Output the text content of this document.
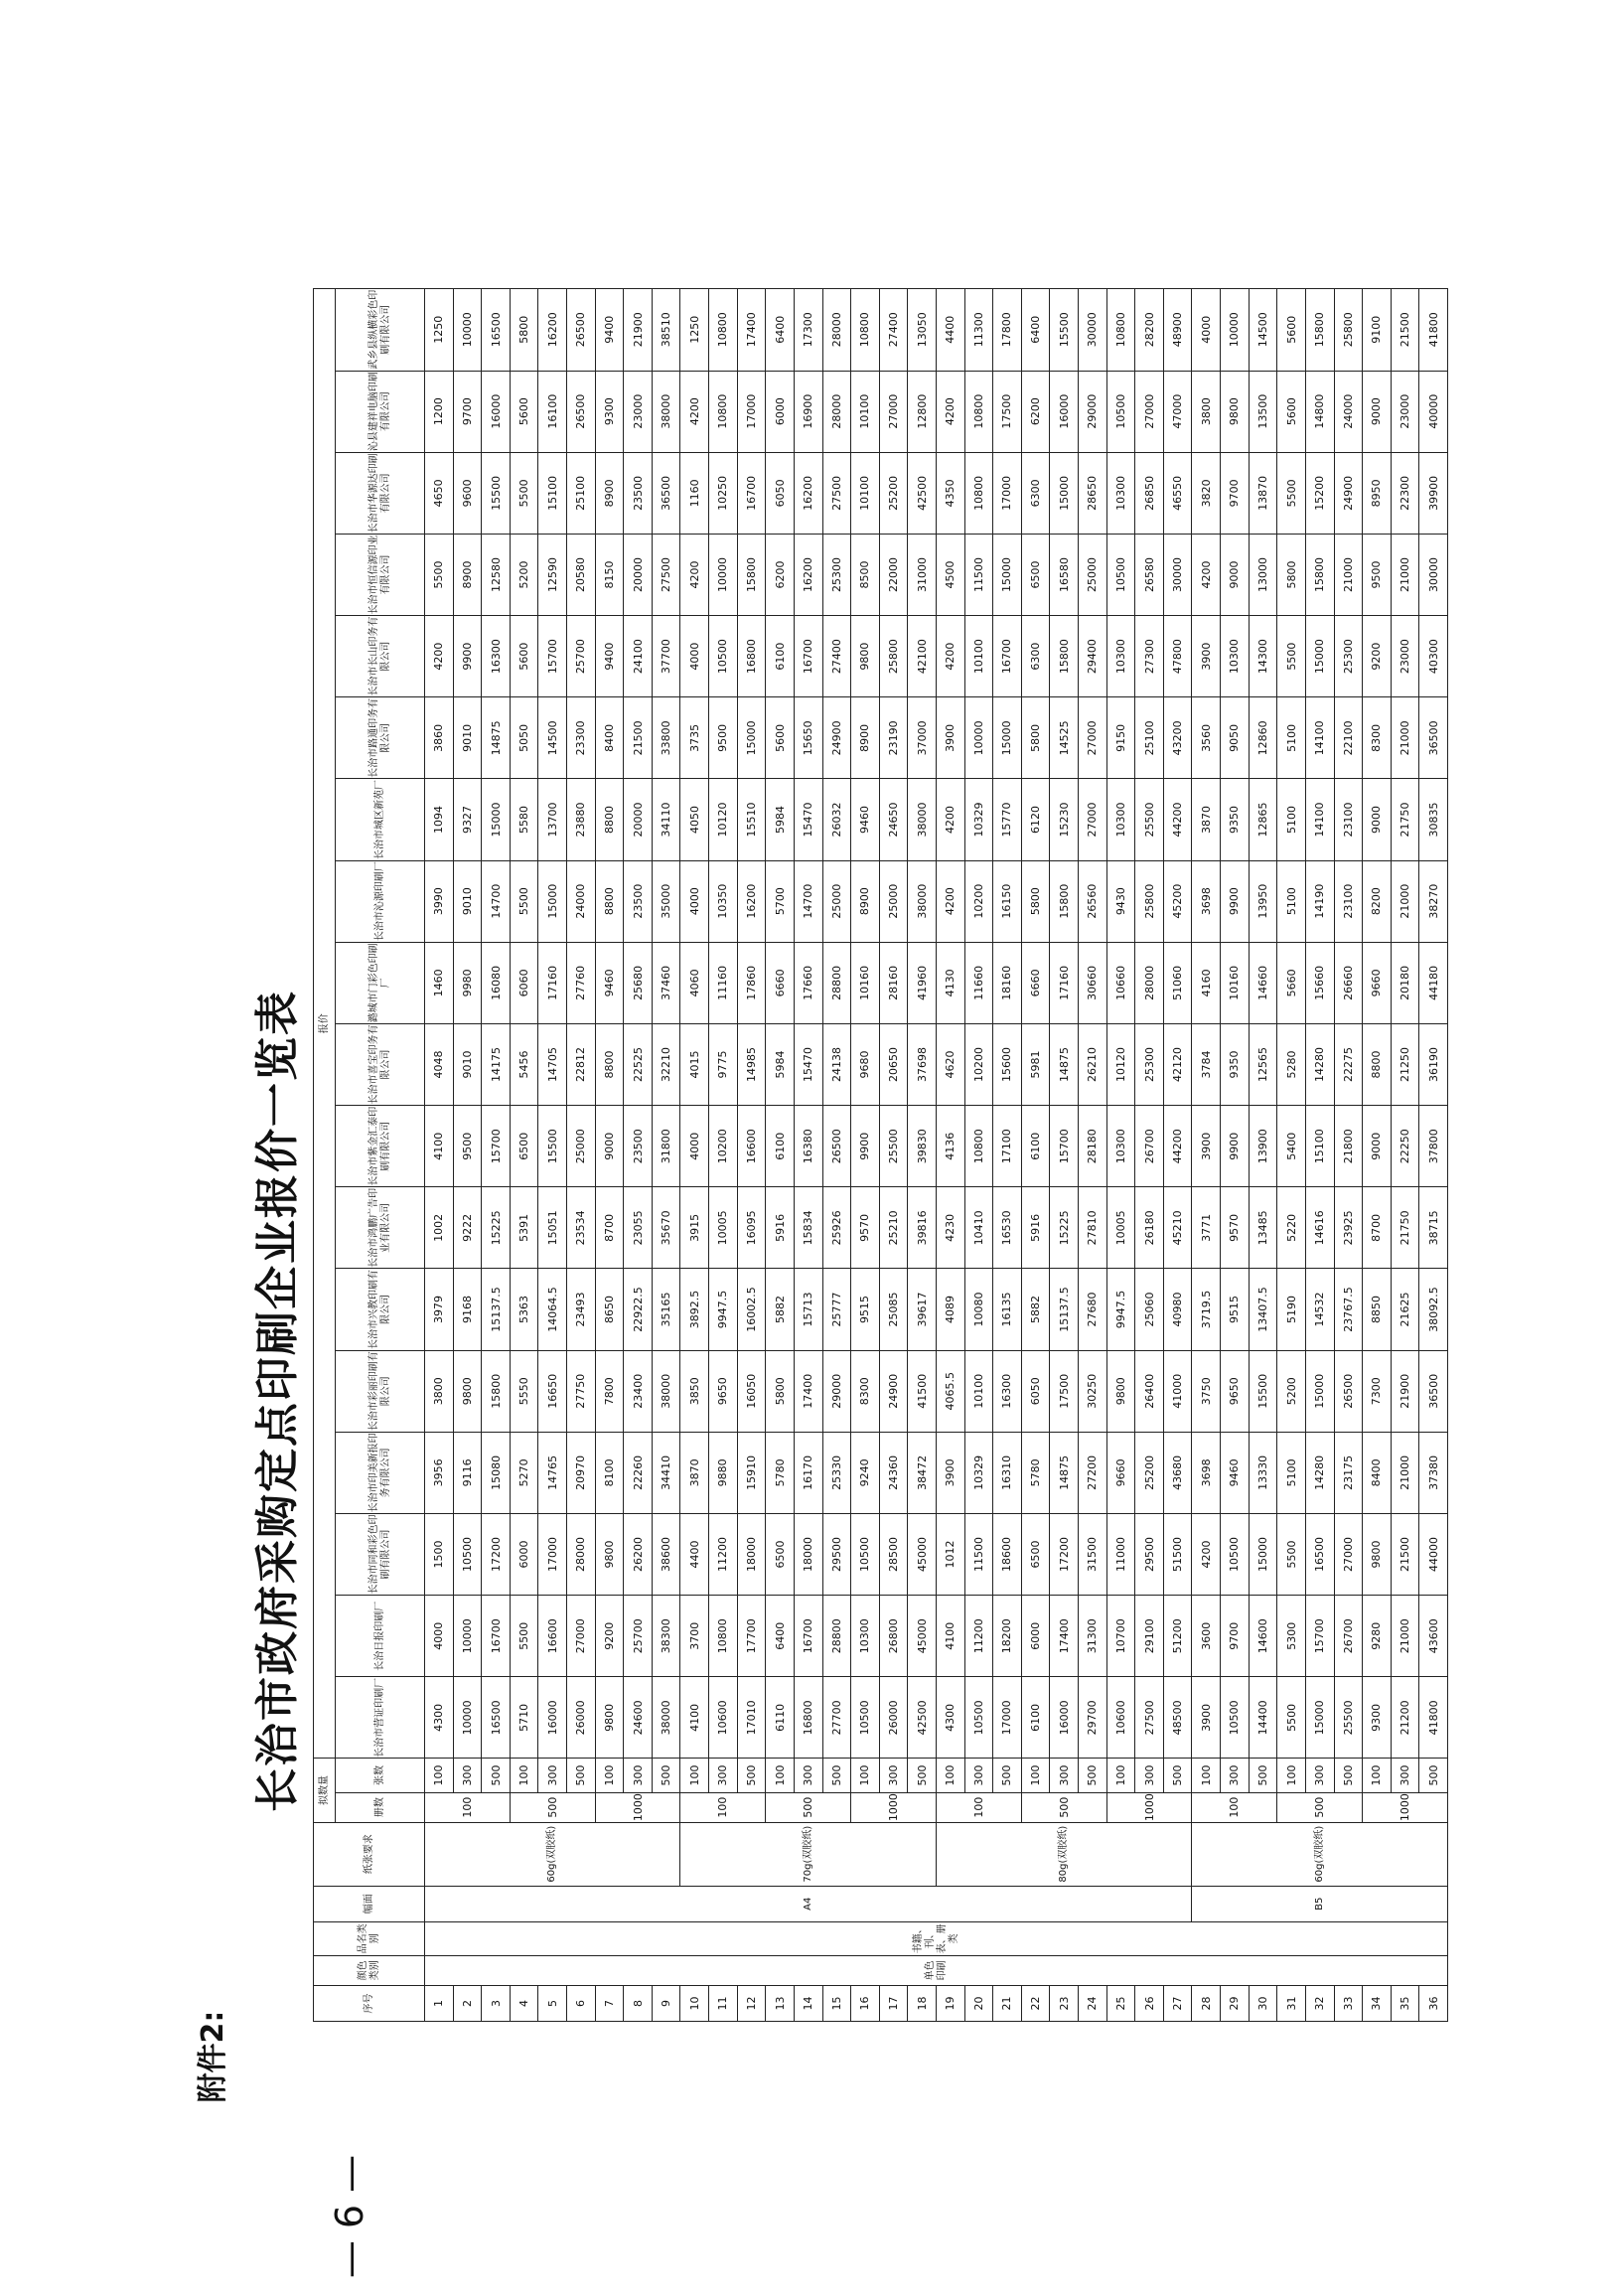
附件2:
长治市政府采购定点印刷企业报价一览表
— 6 —
序号	颜色类别	品名类别	幅面	纸张要求	拟数量		报价																	
					册数	张数	长治市营证印刷厂	长治日报印刷厂	长治市同和彩色印刷有限公司	长治市印美新报印务有限公司	长治市彩丽印刷有限公司	长治市兴教印刷有限公司	长治市鸿鹏广告印业有限公司	长治市紫金汇泰印刷有限公司	长治市喜宝印务有限公司	潞城市门彩色印刷厂	长治市沁源印刷厂	长治市城区新苑厂	长治市路通印务有限公司	长治市长山印务有限公司	长治市恒信源印业有限公司	长治市华源达印刷有限公司	沁县建祥电脑印刷有限公司	武乡县纵横彩色印刷有限公司
1	单色印刷	书籍、刊、表、册类	A4	60g(双胶纸)	100	100	4300	4000	1500	3956	3800	3979	1002	4100	4048	1460	3990	1094	3860	4200	5500	4650	1200	1250
2						300	10000	10000	10500	9116	9800	9168	9222	9500	9010	9980	9010	9327	9010	9900	8900	9600	9700	10000
3						500	16500	16700	17200	15080	15800	15137.5	15225	15700	14175	16080	14700	15000	14875	16300	12580	15500	16000	16500
4					500	100	5710	5500	6000	5270	5550	5363	5391	6500	5456	6060	5500	5580	5050	5600	5200	5500	5600	5800
5						300	16000	16600	17000	14765	16650	14064.5	15051	15500	14705	17160	15000	13700	14500	15700	12590	15100	16100	16200
6						500	26000	27000	28000	20970	27750	23493	23534	25000	22812	27760	24000	23880	23300	25700	20580	25100	26500	26500
7					1000	100	9800	9200	9800	8100	7800	8650	8700	9000	8800	9460	8800	8800	8400	9400	8150	8900	9300	9400
8						300	24600	25700	26200	22260	23400	22922.5	23055	23500	22525	25680	23500	20000	21500	24100	20000	23500	23000	21900
9						500	38000	38300	38600	34410	38000	35165	35670	31800	32210	37460	35000	34110	33800	37700	27500	36500	38000	38510
10				70g(双胶纸)	100	100	4100	3700	4400	3870	3850	3892.5	3915	4000	4015	4060	4000	4050	3735	4000	4200	1160	4200	1250
11						300	10600	10800	11200	9880	9650	9947.5	10005	10200	9775	11160	10350	10120	9500	10500	10000	10250	10800	10800
12						500	17010	17700	18000	15910	16050	16002.5	16095	16600	14985	17860	16200	15510	15000	16800	15800	16700	17000	17400
13					500	100	6110	6400	6500	5780	5800	5882	5916	6100	5984	6660	5700	5984	5600	6100	6200	6050	6000	6400
14						300	16800	16700	18000	16170	17400	15713	15834	16380	15470	17660	14700	15470	15650	16700	16200	16200	16900	17300
15						500	27700	28800	29500	25330	29000	25777	25926	26500	24138	28800	25000	26032	24900	27400	25300	27500	28000	28000
16					1000	100	10500	10300	10500	9240	8300	9515	9570	9900	9680	10160	8900	9460	8900	9800	8500	10100	10100	10800
17						300	26000	26800	28500	24360	24900	25085	25210	25500	20650	28160	25000	24650	23190	25800	22000	25200	27000	27400
18						500	42500	45000	45000	38472	41500	39617	39816	39830	37698	41960	38000	38000	37000	42100	31000	42500	12800	13050
19				80g(双胶纸)	100	100	4300	4100	1012	3900	4065.5	4089	4230	4136	4620	4130	4200	4200	3900	4200	4500	4350	4200	4400
20						300	10500	11200	11500	10329	10100	10080	10410	10800	10200	11660	10200	10329	10000	10100	11500	10800	10800	11300
21						500	17000	18200	18600	16310	16300	16135	16530	17100	15600	18160	16150	15770	15000	16700	15000	17000	17500	17800
22					500	100	6100	6000	6500	5780	6050	5882	5916	6100	5981	6660	5800	6120	5800	6300	6500	6300	6200	6400
23						300	16000	17400	17200	14875	17500	15137.5	15225	15700	14875	17160	15800	15230	14525	15800	16580	15000	16000	15500
24						500	29700	31300	31500	27200	30250	27680	27810	28180	26210	30660	26560	27000	27000	29400	25000	28650	29000	30000
25					1000	100	10600	10700	11000	9660	9800	9947.5	10005	10300	10120	10660	9430	10300	9150	10300	10500	10300	10500	10800
26						300	27500	29100	29500	25200	26400	25060	26180	26700	25300	28000	25800	25500	25100	27300	26580	26850	27000	28200
27						500	48500	51200	51500	43680	41000	40980	45210	44200	42120	51060	45200	44200	43200	47800	30000	46550	47000	48900
28			B5	60g(双胶纸)	100	100	3900	3600	4200	3698	3750	3719.5	3771	3900	3784	4160	3698	3870	3560	3900	4200	3820	3800	4000
29						300	10500	9700	10500	9460	9650	9515	9570	9900	9350	10160	9900	9350	9050	10300	9000	9700	9800	10000
30						500	14400	14600	15000	13330	15500	13407.5	13485	13900	12565	14660	13950	12865	12860	14300	13000	13870	13500	14500
31					500	100	5500	5300	5500	5100	5200	5190	5220	5400	5280	5660	5100	5100	5100	5500	5800	5500	5600	5600
32						300	15000	15700	16500	14280	15000	14532	14616	15100	14280	15660	14190	14100	14100	15000	15800	15200	14800	15800
33						500	25500	26700	27000	23175	26500	23767.5	23925	21800	22275	26660	23100	23100	22100	25300	21000	24900	24000	25800
34					1000	100	9300	9280	9800	8400	7300	8850	8700	9000	8800	9660	8200	9000	8300	9200	9500	8950	9000	9100
35						300	21200	21000	21500	21000	21900	21625	21750	22250	21250	20180	21000	21750	21000	23000	21000	22300	23000	21500
36						500	41800	43600	44000	37380	36500	38092.5	38715	37800	36190	44180	38270	30835	36500	40300	30000	39900	40000	41800
